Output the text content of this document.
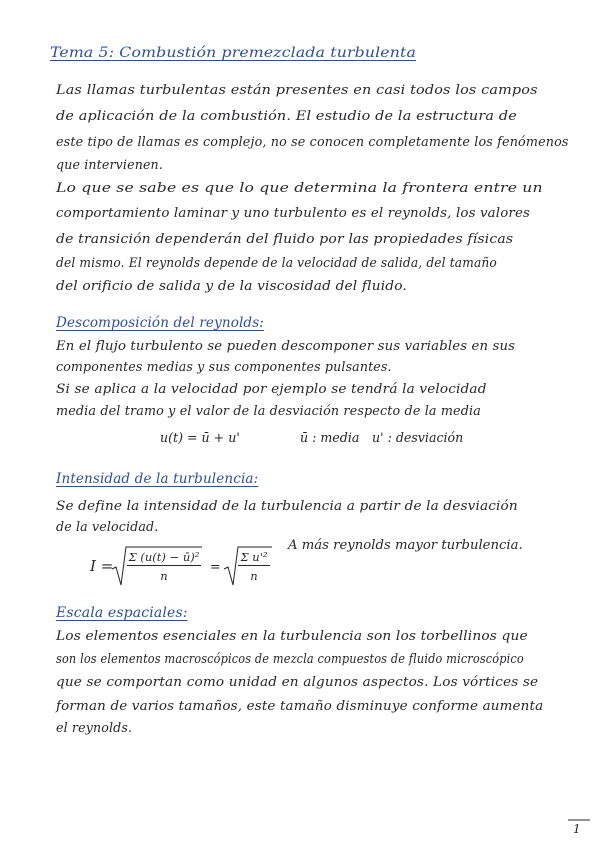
Tema 5: Combustión premezclada turbulenta
Las llamas turbulentas están presentes en casi todos los campos
de aplicación de la combustión. El estudio de la estructura de
este tipo de llamas es complejo, no se conocen completamente los fenómenos
que intervienen.
Lo que se sabe es que lo que determina la frontera entre un
comportamiento laminar y uno turbulento es el reynolds, los valores
de transición dependerán del fluido por las propiedades físicas
del mismo. El reynolds depende de la velocidad de salida, del tamaño
del orificio de salida y de la viscosidad del fluido.
Descomposición del reynolds:
En el flujo turbulento se pueden descomponer sus variables en sus
componentes medias y sus componentes pulsantes.
Si se aplica a la velocidad por ejemplo se tendrá la velocidad
media del tramo y el valor de la desviación respecto de la media
u(t) = ū + u'	ū : media u' : desviación
Intensidad de la turbulencia:
Se define la intensidad de la turbulencia a partir de la desviación
de la velocidad.
I = Σ (u(t) − ū)²
n
=
Σ u'²
n
A más reynolds mayor turbulencia.
Escala espaciales:
Los elementos esenciales en la turbulencia son los torbellinos que
son los elementos macroscópicos de mezcla compuestos de fluido microscópico
que se comportan como unidad en algunos aspectos. Los vórtices se
forman de varios tamaños, este tamaño disminuye conforme aumenta
el reynolds.
1
